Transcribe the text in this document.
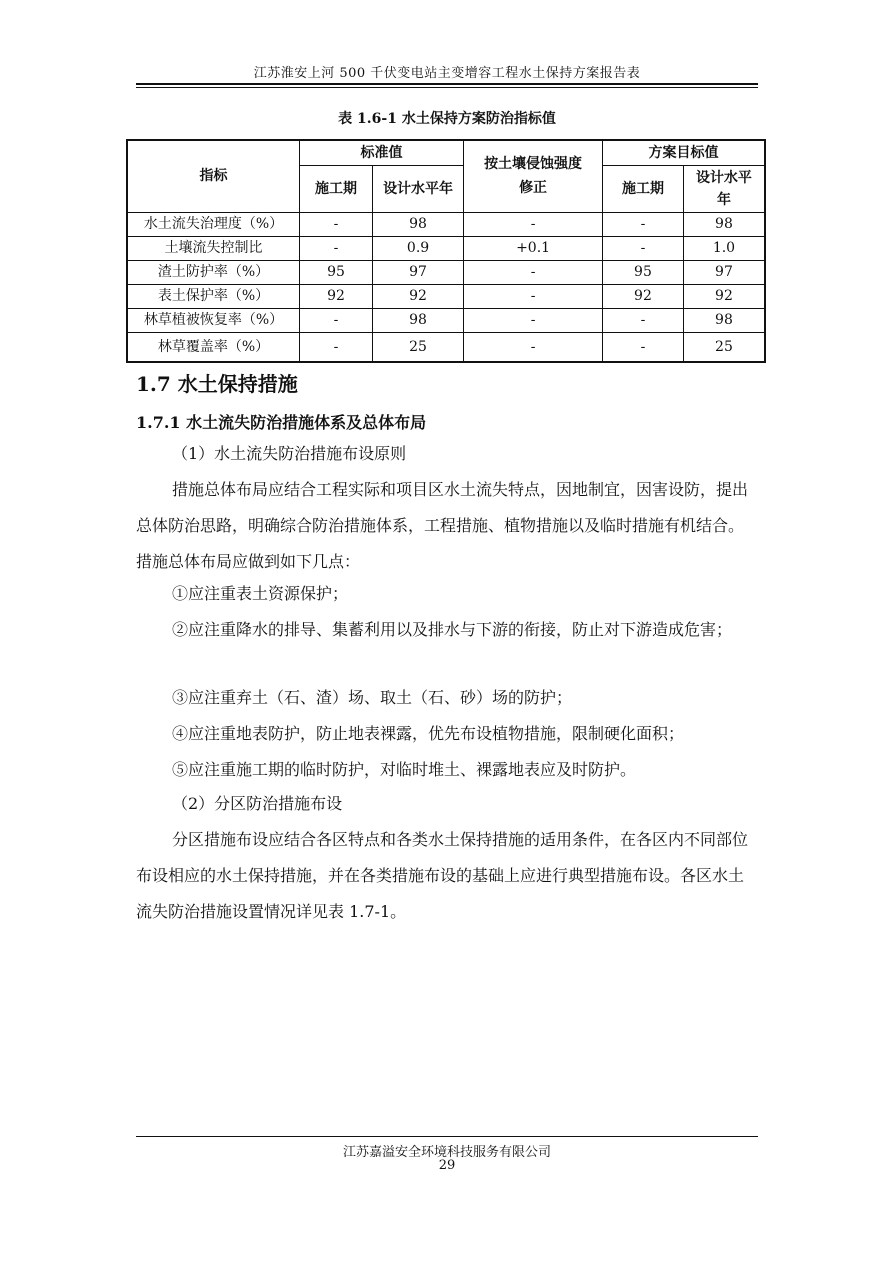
江苏淮安上河 500 千伏变电站主变增容工程水土保持方案报告表
表 1.6-1 水土保持方案防治指标值
指标	标准值		按土壤侵蚀强度修正	方案目标值	
	施工期	设计水平年		施工期	设计水平年
水土流失治理度（%）	-	98	-	-	98
土壤流失控制比	-	0.9	+0.1	-	1.0
渣土防护率（%）	95	97	-	95	97
表土保护率（%）	92	92	-	92	92
林草植被恢复率（%）	-	98	-	-	98
林草覆盖率（%）	-	25	-	-	25
1.7 水土保持措施
1.7.1 水土流失防治措施体系及总体布局
（1）水土流失防治措施布设原则
措施总体布局应结合工程实际和项目区水土流失特点，因地制宜，因害设防，提出总体防治思路，明确综合防治措施体系，工程措施、植物措施以及临时措施有机结合。措施总体布局应做到如下几点：
①应注重表土资源保护；
②应注重降水的排导、集蓄利用以及排水与下游的衔接，防止对下游造成危害；
③应注重弃土（石、渣）场、取土（石、砂）场的防护；
④应注重地表防护，防止地表裸露，优先布设植物措施，限制硬化面积；
⑤应注重施工期的临时防护，对临时堆土、裸露地表应及时防护。
（2）分区防治措施布设
分区措施布设应结合各区特点和各类水土保持措施的适用条件，在各区内不同部位布设相应的水土保持措施，并在各类措施布设的基础上应进行典型措施布设。各区水土流失防治措施设置情况详见表 1.7-1。
江苏嘉溢安全环境科技服务有限公司
29
